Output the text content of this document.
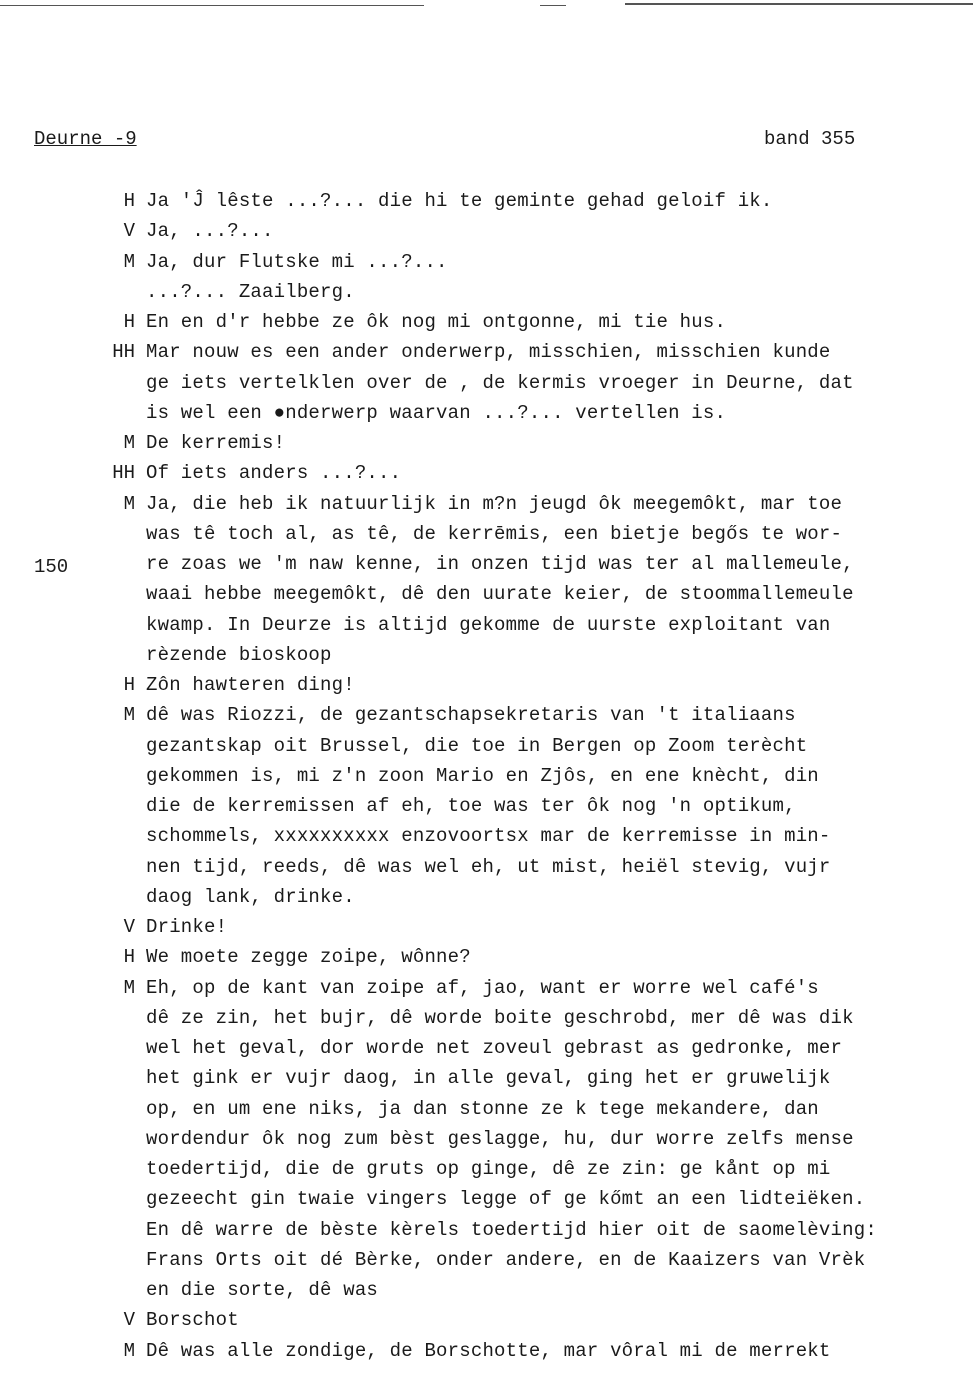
Deurne -9	band 355
150
H Ja 'Ĵ lêste ...?... die hi te geminte gehad geloif ik.
V Ja, ...?...
M Ja, dur Flutske mi ...?...
...?... Zaailberg.
H En en d'r hebbe ze ôk nog mi ontgonne, mi tie hus.
HH Mar nouw es een ander onderwerp, misschien, misschien kunde
ge iets vertelklen over de , de kermis vroeger in Deurne, dat
is wel een ●nderwerp waarvan ...?... vertellen is.
M De kerremis!
HH Of iets anders ...?...
M Ja, die heb ik natuurlijk in m?n jeugd ôk meegemôkt, mar toe
was tê toch al, as tê, de kerrēmis, een bietje begős te wor-
re zoas we 'm naw kenne, in onzen tijd was ter al mallemeule,
waai hebbe meegemôkt, dê den uurate keier, de stoommallemeule
kwamp. In Deurze is altijd gekomme de uurste exploitant van
rèzende bioskoop
H Zôn hawteren ding!
M dê was Riozzi, de gezantschapsekretaris van 't italiaans
gezantskap oit Brussel, die toe in Bergen op Zoom terècht
gekommen is, mi z'n zoon Mario en Zjôs, en ene knècht, din
die de kerremissen af eh, toe was ter ôk nog 'n optikum,
schommels, xxxxxxxxxx enzovoortsx mar de kerremisse in min-
nen tijd, reeds, dê was wel eh, ut mist, heiël stevig, vujr
daog lank, drinke.
V Drinke!
H We moete zegge zoipe, wônne?
M Eh, op de kant van zoipe af, jao, want er worre wel café's
dê ze zin, het bujr, dê worde boite geschrobd, mer dê was dik
wel het geval, dor worde net zoveul gebrast as gedronke, mer
het gink er vujr daog, in alle geval, ging het er gruwelijk
op, en um ene niks, ja dan stonne ze k tege mekandere, dan
wordendur ôk nog zum bèst geslagge, hu, dur worre zelfs mense
toedertijd, die de gruts op ginge, dê ze zin: ge kånt op mi
gezeecht gin twaie vingers legge of ge kőmt an een lidteiëken.
En dê warre de bèste kèrels toedertijd hier oit de saomelèving:
Frans Orts oit dé Bèrke, onder andere, en de Kaaizers van Vrèk
en die sorte, dê was
V Borschot
M Dê was alle zondige, de Borschotte, mar vôral mi de merrekt
